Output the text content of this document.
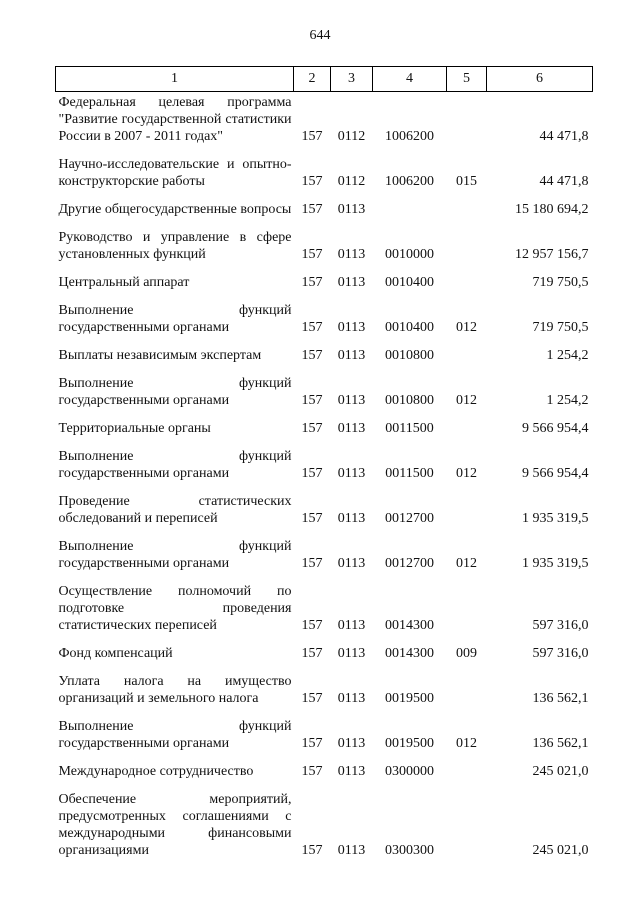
644
1	2	3	4	5	6
Федеральная целевая программа "Развитие государственной статистики России в 2007 - 2011 годах"	157	0112	1006200		44 471,8
Научно-исследовательские и опытно-конструкторские работы	157	0112	1006200	015	44 471,8
Другие общегосударственные вопросы	157	0113			15 180 694,2
Руководство и управление в сфере установленных функций	157	0113	0010000		12 957 156,7
Центральный аппарат	157	0113	0010400		719 750,5
Выполнение функций государственными органами	157	0113	0010400	012	719 750,5
Выплаты независимым экспертам	157	0113	0010800		1 254,2
Выполнение функций государственными органами	157	0113	0010800	012	1 254,2
Территориальные органы	157	0113	0011500		9 566 954,4
Выполнение функций государственными органами	157	0113	0011500	012	9 566 954,4
Проведение статистических обследований и переписей	157	0113	0012700		1 935 319,5
Выполнение функций государственными органами	157	0113	0012700	012	1 935 319,5
Осуществление полномочий по подготовке проведения статистических переписей	157	0113	0014300		597 316,0
Фонд компенсаций	157	0113	0014300	009	597 316,0
Уплата налога на имущество организаций и земельного налога	157	0113	0019500		136 562,1
Выполнение функций государственными органами	157	0113	0019500	012	136 562,1
Международное сотрудничество	157	0113	0300000		245 021,0
Обеспечение мероприятий, предусмотренных соглашениями с международными финансовыми организациями	157	0113	0300300		245 021,0
